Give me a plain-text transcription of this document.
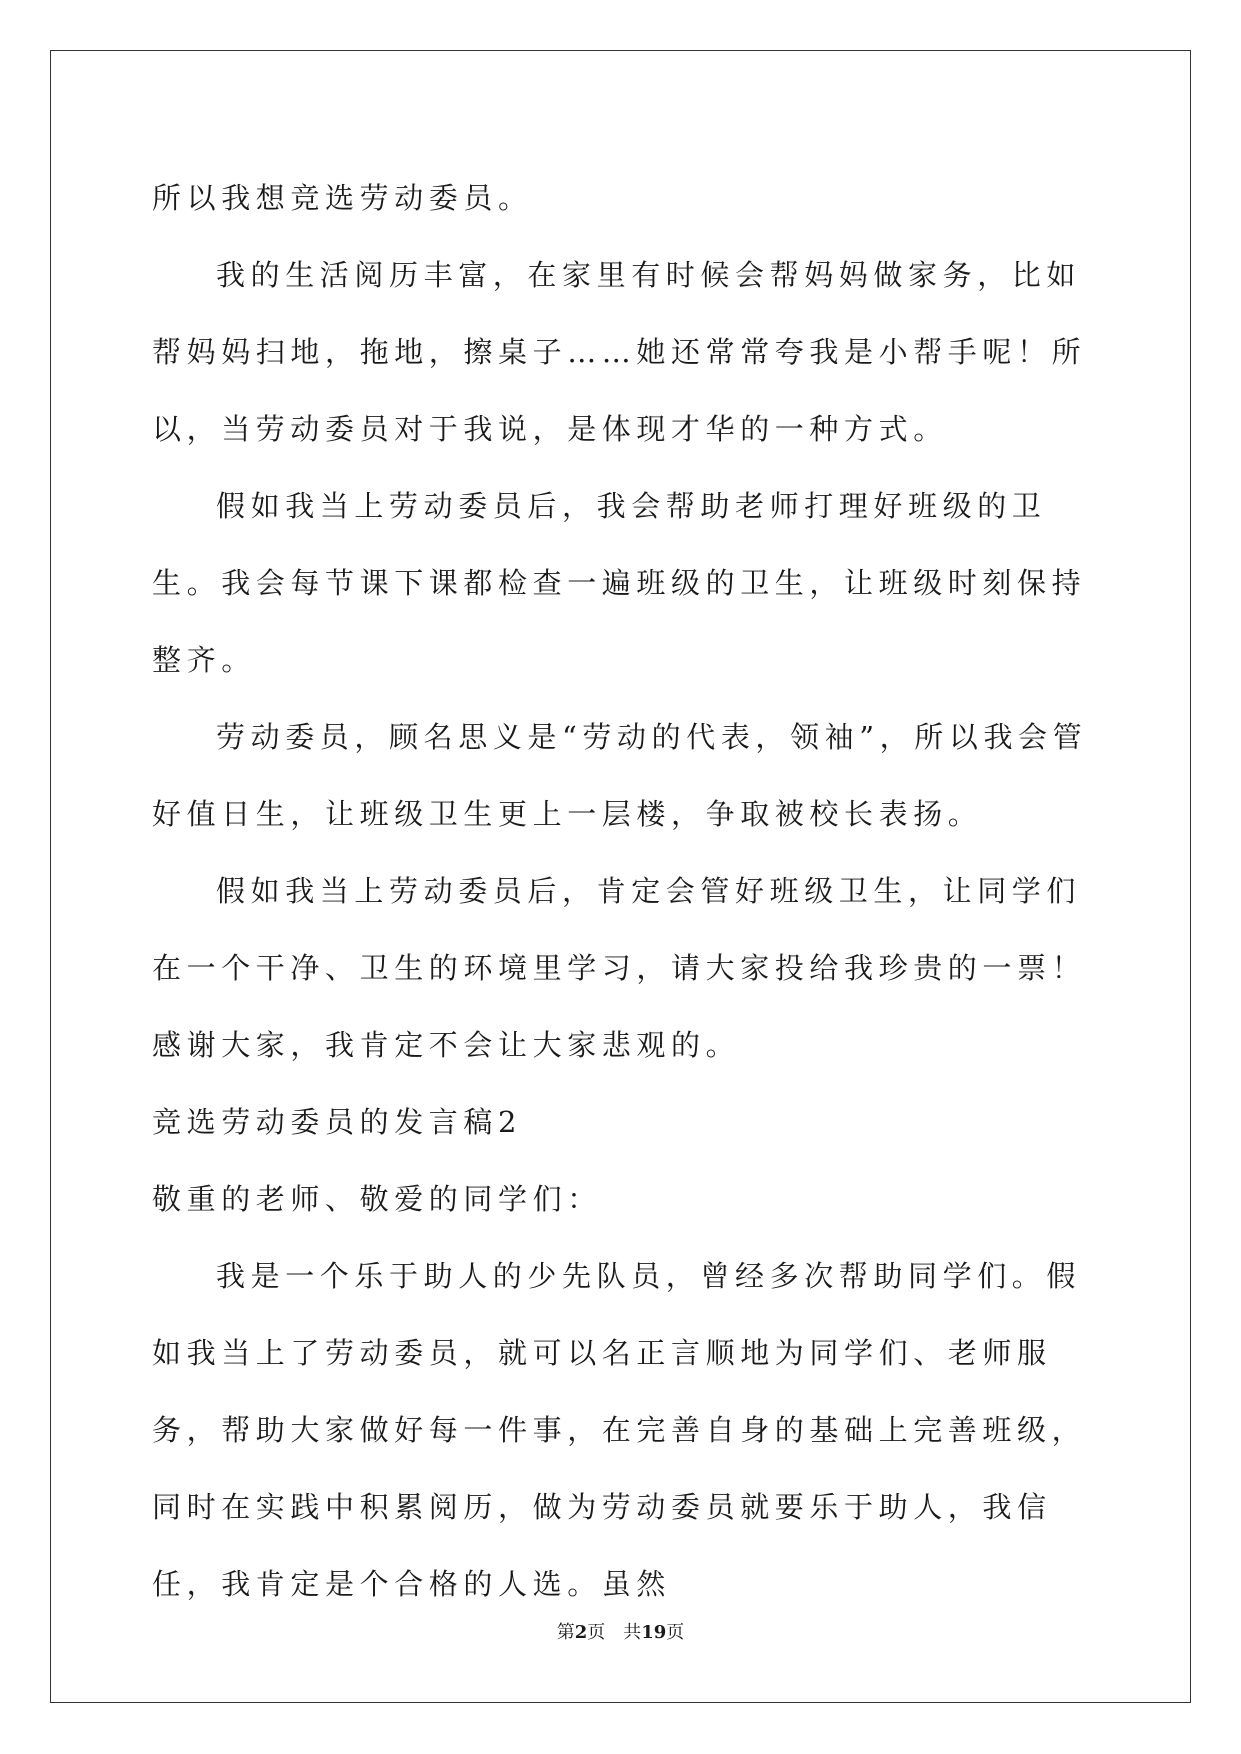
所以我想竞选劳动委员。

我的生活阅历丰富，在家里有时候会帮妈妈做家务，比如帮妈妈扫地，拖地，擦桌子……她还常常夸我是小帮手呢！所以，当劳动委员对于我说，是体现才华的一种方式。

假如我当上劳动委员后，我会帮助老师打理好班级的卫生。我会每节课下课都检查一遍班级的卫生，让班级时刻保持整齐。

劳动委员，顾名思义是“劳动的代表，领袖”，所以我会管好值日生，让班级卫生更上一层楼，争取被校长表扬。

假如我当上劳动委员后，肯定会管好班级卫生，让同学们在一个干净、卫生的环境里学习，请大家投给我珍贵的一票！感谢大家，我肯定不会让大家悲观的。

竞选劳动委员的发言稿2

敬重的老师、敬爱的同学们：

我是一个乐于助人的少先队员，曾经多次帮助同学们。假如我当上了劳动委员，就可以名正言顺地为同学们、老师服务，帮助大家做好每一件事，在完善自身的基础上完善班级，同时在实践中积累阅历，做为劳动委员就要乐于助人，我信任，我肯定是个合格的人选。虽然

第2页 共19页
